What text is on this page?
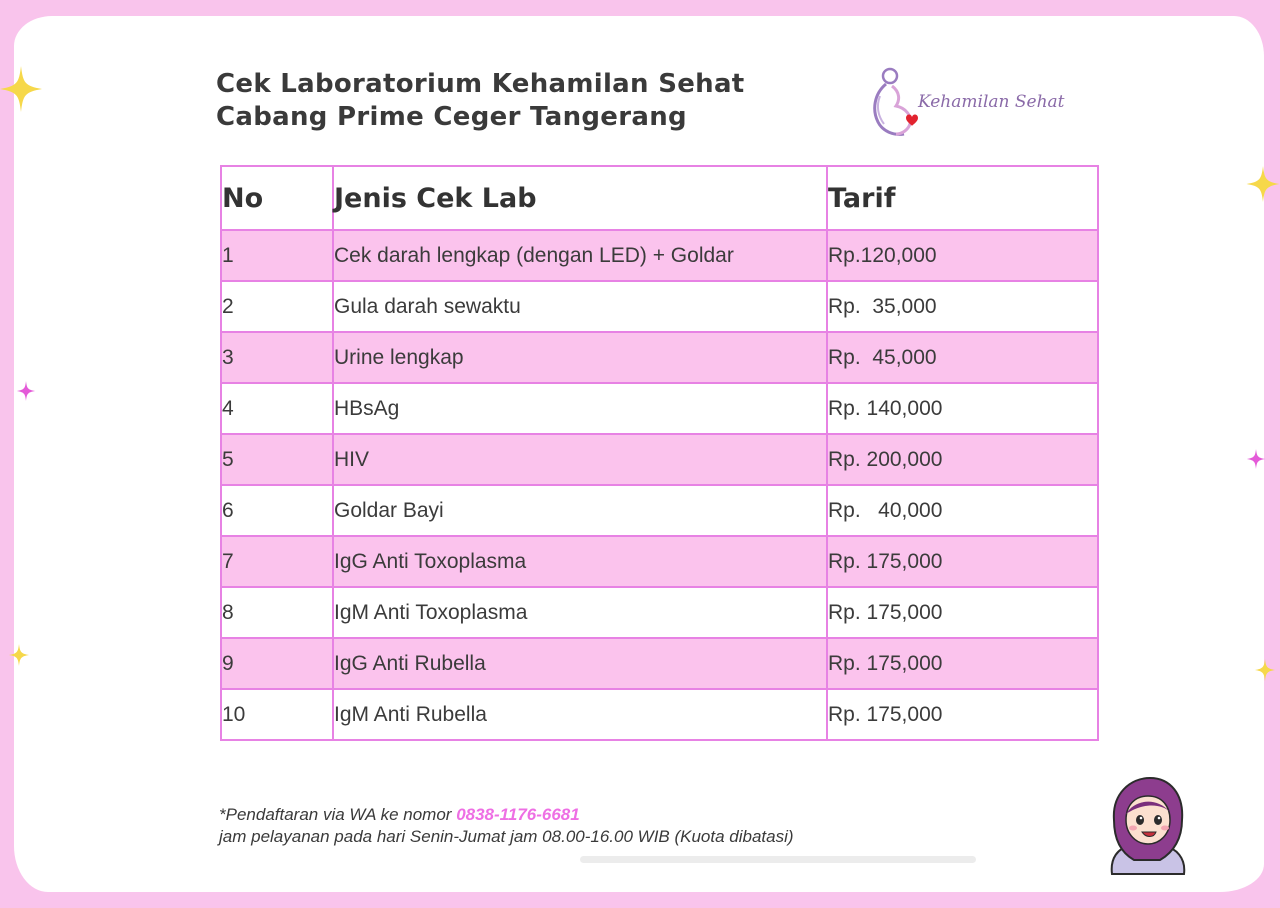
Cek Laboratorium Kehamilan Sehat
Cabang Prime Ceger Tangerang	Kehamilan Sehat
No	Jenis Cek Lab	Tarif
1	Cek darah lengkap (dengan LED) + Goldar	Rp.120,000
2	Gula darah sewaktu	Rp.  35,000
3	Urine lengkap	Rp.  45,000
4	HBsAg	Rp. 140,000
5	HIV	Rp. 200,000
6	Goldar Bayi	Rp.   40,000
7	IgG Anti Toxoplasma	Rp. 175,000
8	IgM Anti Toxoplasma	Rp. 175,000
9	IgG Anti Rubella	Rp. 175,000
10	IgM Anti Rubella	Rp. 175,000
*Pendaftaran via WA ke nomor 0838-1176-6681
jam pelayanan pada hari Senin-Jumat jam 08.00-16.00 WIB (Kuota dibatasi)
